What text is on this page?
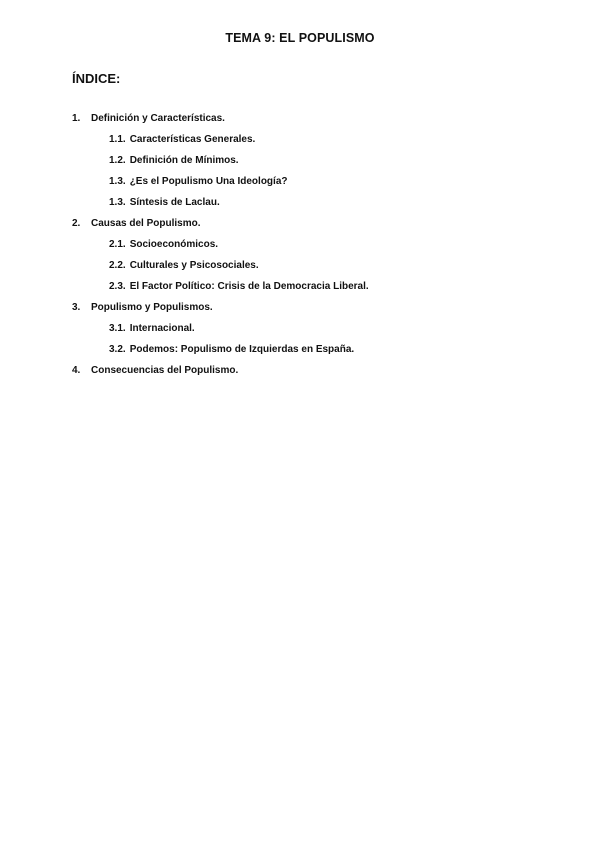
TEMA 9: EL POPULISMO
ÍNDICE:
1. Definición y Características.
1.1. Características Generales.
1.2. Definición de Mínimos.
1.3. ¿Es el Populismo Una Ideología?
1.3. Síntesis de Laclau.
2. Causas del Populismo.
2.1. Socioeconómicos.
2.2. Culturales y Psicosociales.
2.3. El Factor Político: Crisis de la Democracia Liberal.
3. Populismo y Populismos.
3.1. Internacional.
3.2. Podemos: Populismo de Izquierdas en España.
4. Consecuencias del Populismo.
